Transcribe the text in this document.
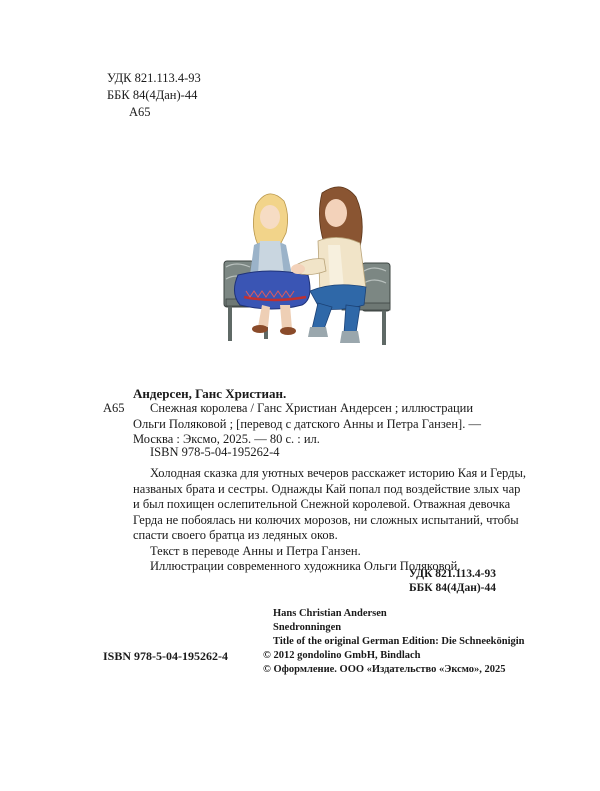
УДК 821.113.4-93
ББК 84(4Дан)-44
A65
Андерсен, Ганс Христиан.
A65	Снежная королева / Ганс Христиан Андерсен ; иллюстрации
Ольги Поляковой ; [перевод с датского Анны и Петра Ганзен]. —
Москва : Эксмо, 2025. — 80 с. : ил.
ISBN 978-5-04-195262-4
Холодная сказка для уютных вечеров расскажет историю Кая и Герды,
названых брата и сестры. Однажды Кай попал под воздействие злых чар
и был похищен ослепительной Снежной королевой. Отважная девочка
Герда не побоялась ни колючих морозов, ни сложных испытаний, чтобы
спасти своего братца из ледяных оков.
Текст в переводе Анны и Петра Ганзен.
Иллюстрации современного художника Ольги Поляковой.
УДК 821.113.4-93
ББК 84(4Дан)-44
Hans Christian Andersen
Snedronningen
Title of the original German Edition: Die Schneekönigin
© 2012 gondolino GmbH, Bindlach
© Оформление. ООО «Издательство «Эксмо», 2025
ISBN 978-5-04-195262-4
